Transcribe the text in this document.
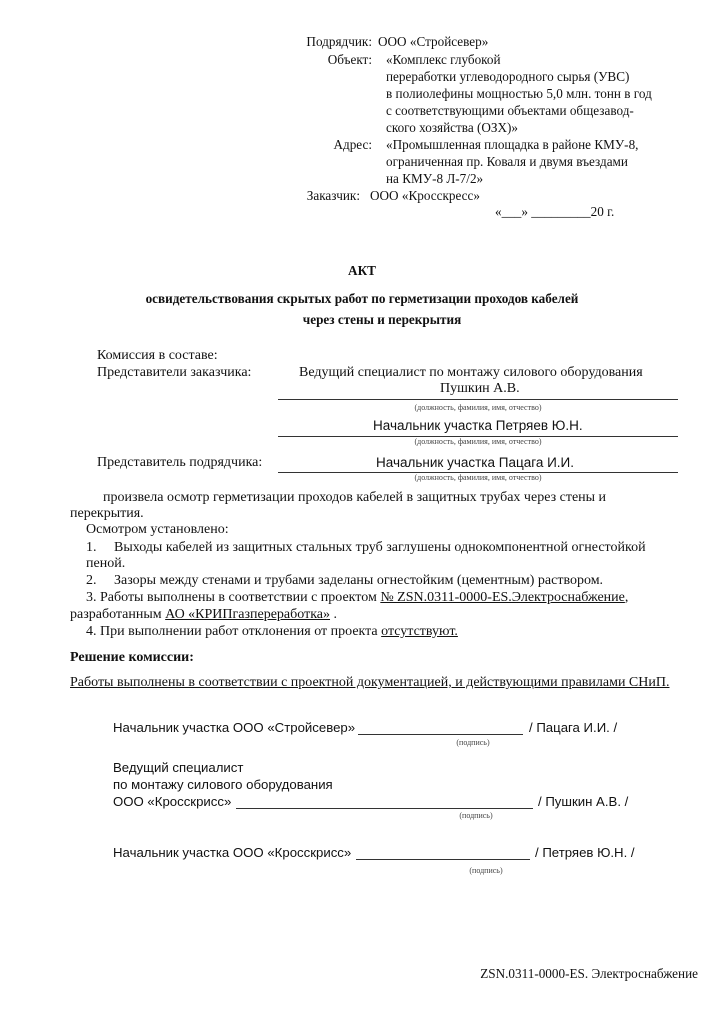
Подрядчик: ООО «Стройсевер»
Объект: «Комплекс глубокой
переработки углеводородного сырья (УВС)
в полиолефины мощностью 5,0 млн. тонн в год
с соответствующими объектами общезавод-
ского хозяйства (ОЗХ)»
Адрес: «Промышленная площадка в районе КМУ-8,
ограниченная пр. Коваля и двумя въездами
на КМУ-8 Л-7/2»
Заказчик: ООО «Кросскресс»
«___» _________20 г.
АКТ
освидетельствования скрытых работ по герметизации проходов кабелей
через стены и перекрытия
Комиссия в составе:
Представители заказчика:	Ведущий специалист по монтажу силового оборудования
Пушкин А.В.
(должность, фамилия, имя, отчество)
Начальник участка Петряев Ю.Н.
(должность, фамилия, имя, отчество)
Представитель подрядчика:	Начальник участка Пацага И.И.
(должность, фамилия, имя, отчество)
произвела осмотр герметизации проходов кабелей в защитных трубах через стены и
перекрытия.
Осмотром установлено:
1. Выходы кабелей из защитных стальных труб заглушены однокомпонентной огнестойкой
пеной.
2. Зазоры между стенами и трубами заделаны огнестойким (цементным) раствором.
3. Работы выполнены в соответствии с проектом № ZSN.0311-0000-ES.Электроснабжение,
разработанным АО «КРИПгазпереработка» .
4. При выполнении работ отклонения от проекта отсутствуют.
Решение комиссии:
Работы выполнены в соответствии с проектной документацией, и действующими правилами СНиП.
Начальник участка ООО «Стройсевер»	/ Пацага И.И. /
(подпись)
Ведущий специалист
по монтажу силового оборудования
ООО «Кросскрисс»	/ Пушкин А.В. /
(подпись)
Начальник участка ООО «Кросскрисс»	/ Петряев Ю.Н. /
(подпись)
ZSN.0311-0000-ES. Электроснабжение
